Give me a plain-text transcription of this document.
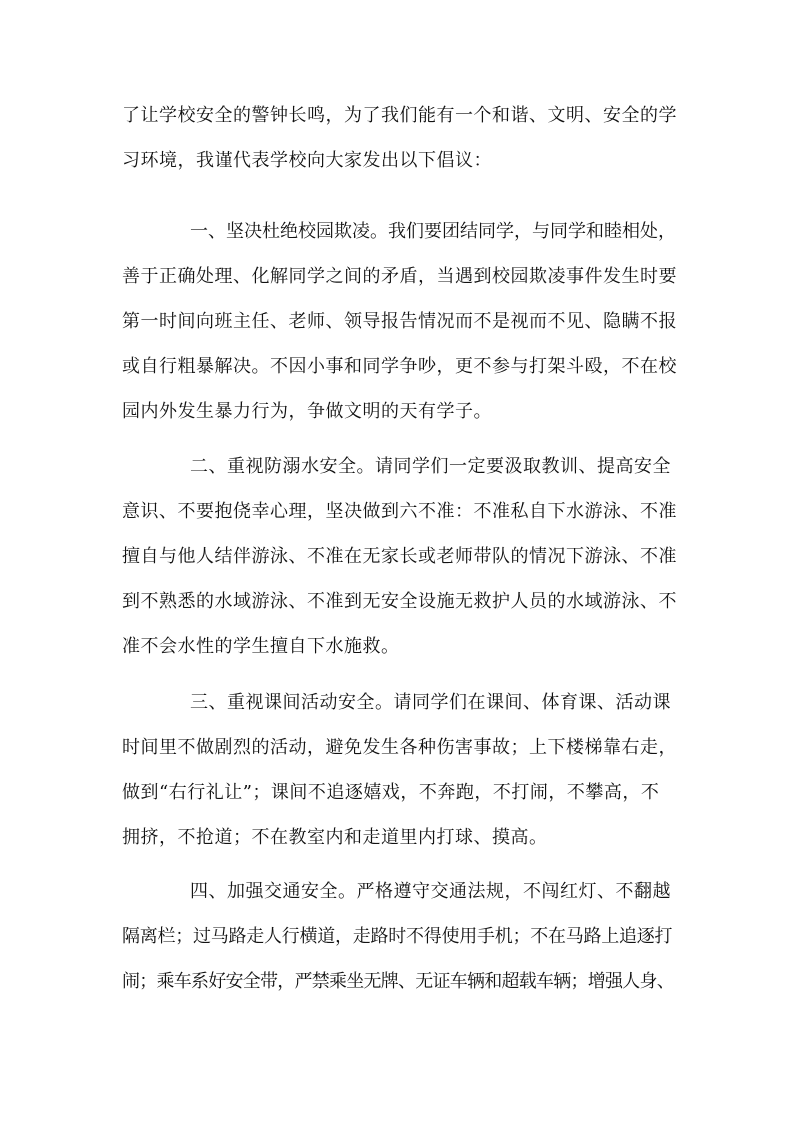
了让学校安全的警钟长鸣，为了我们能有一个和谐、文明、安全的学
习环境，我谨代表学校向大家发出以下倡议：
一、坚决杜绝校园欺凌。我们要团结同学，与同学和睦相处，
善于正确处理、化解同学之间的矛盾，当遇到校园欺凌事件发生时要
第一时间向班主任、老师、领导报告情况而不是视而不见、隐瞒不报
或自行粗暴解决。不因小事和同学争吵，更不参与打架斗殴，不在校
园内外发生暴力行为，争做文明的天有学子。
二、重视防溺水安全。请同学们一定要汲取教训、提高安全
意识、不要抱侥幸心理，坚决做到六不准：不准私自下水游泳、不准
擅自与他人结伴游泳、不准在无家长或老师带队的情况下游泳、不准
到不熟悉的水域游泳、不准到无安全设施无救护人员的水域游泳、不
准不会水性的学生擅自下水施救。
三、重视课间活动安全。请同学们在课间、体育课、活动课
时间里不做剧烈的活动，避免发生各种伤害事故；上下楼梯靠右走，
做到“右行礼让”；课间不追逐嬉戏，不奔跑，不打闹，不攀高，不
拥挤，不抢道；不在教室内和走道里内打球、摸高。
四、加强交通安全。严格遵守交通法规，不闯红灯、不翻越
隔离栏；过马路走人行横道，走路时不得使用手机；不在马路上追逐打
闹；乘车系好安全带，严禁乘坐无牌、无证车辆和超载车辆；增强人身、
